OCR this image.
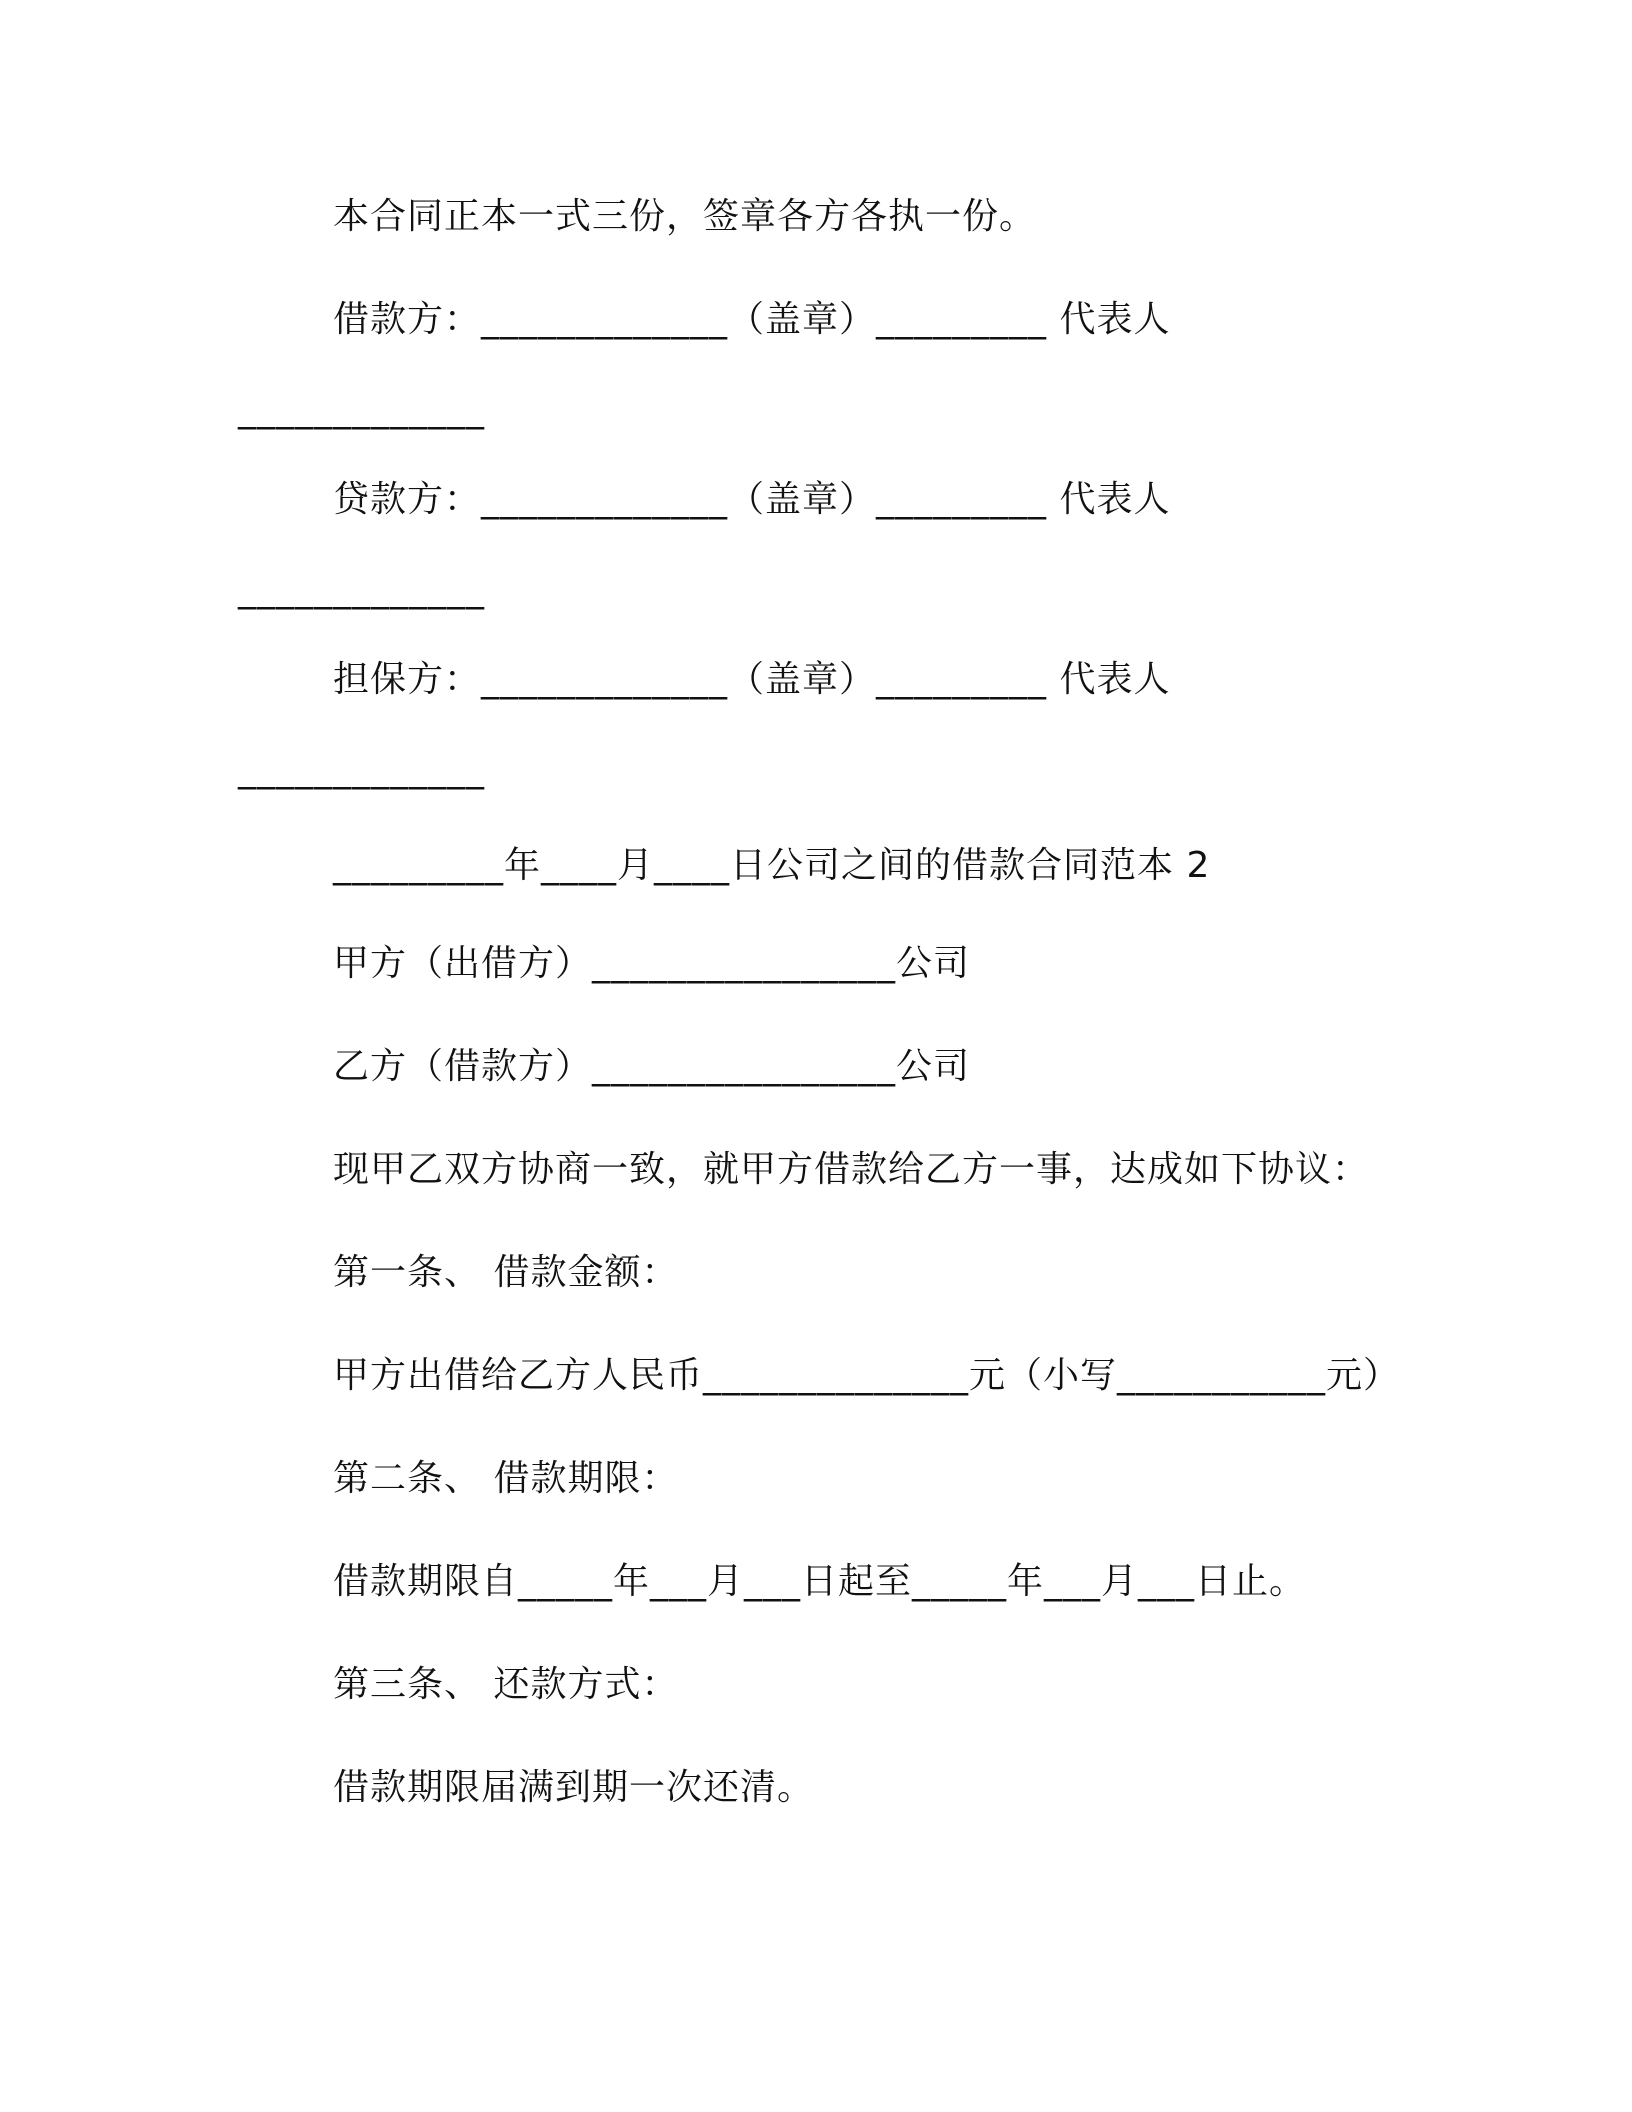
本合同正本一式三份，签章各方各执一份。
借款方：_____________（盖章）_________ 代表人
_____________
贷款方：_____________（盖章）_________ 代表人
_____________
担保方：_____________（盖章）_________ 代表人
_____________
_________年____月____日公司之间的借款合同范本 2
甲方（出借方）________________公司
乙方（借款方）________________公司
现甲乙双方协商一致，就甲方借款给乙方一事，达成如下协议：
第一条、 借款金额：
甲方出借给乙方人民币______________元（小写___________元）
第二条、 借款期限：
借款期限自_____年___月___日起至_____年___月___日止。
第三条、 还款方式：
借款期限届满到期一次还清。
